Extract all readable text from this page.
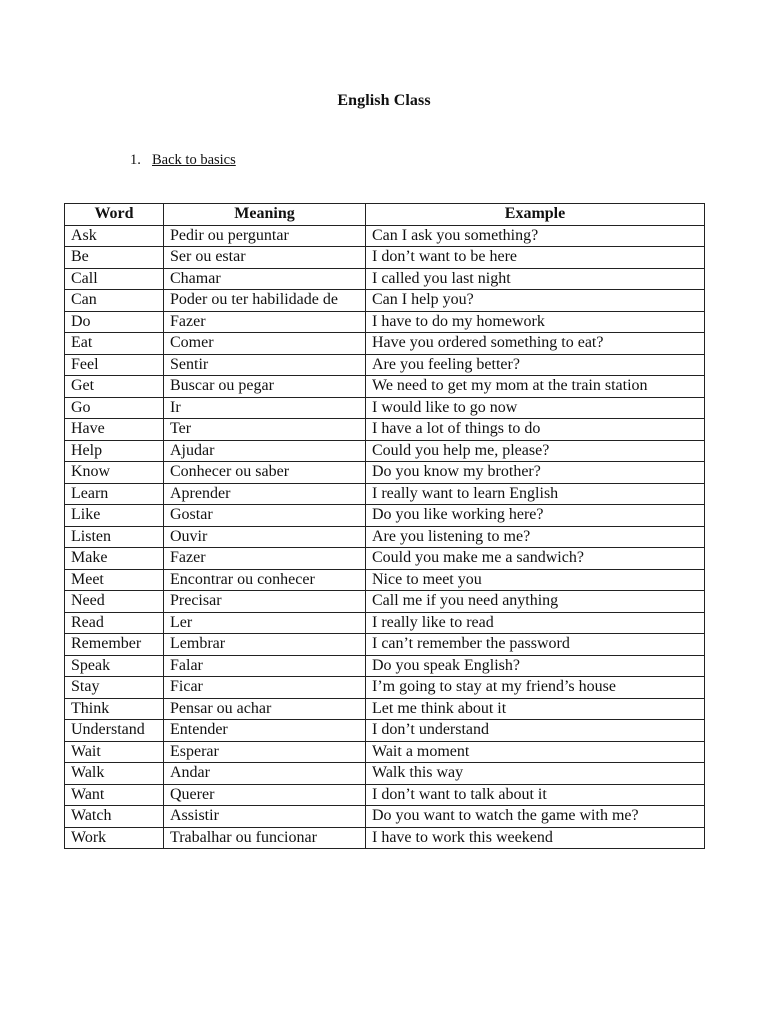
English Class
1. Back to basics
Word	Meaning	Example
Ask	Pedir ou perguntar	Can I ask you something?
Be	Ser ou estar	I don’t want to be here
Call	Chamar	I called you last night
Can	Poder ou ter habilidade de	Can I help you?
Do	Fazer	I have to do my homework
Eat	Comer	Have you ordered something to eat?
Feel	Sentir	Are you feeling better?
Get	Buscar ou pegar	We need to get my mom at the train station
Go	Ir	I would like to go now
Have	Ter	I have a lot of things to do
Help	Ajudar	Could you help me, please?
Know	Conhecer ou saber	Do you know my brother?
Learn	Aprender	I really want to learn English
Like	Gostar	Do you like working here?
Listen	Ouvir	Are you listening to me?
Make	Fazer	Could you make me a sandwich?
Meet	Encontrar ou conhecer	Nice to meet you
Need	Precisar	Call me if you need anything
Read	Ler	I really like to read
Remember	Lembrar	I can’t remember the password
Speak	Falar	Do you speak English?
Stay	Ficar	I’m going to stay at my friend’s house
Think	Pensar ou achar	Let me think about it
Understand	Entender	I don’t understand
Wait	Esperar	Wait a moment
Walk	Andar	Walk this way
Want	Querer	I don’t want to talk about it
Watch	Assistir	Do you want to watch the game with me?
Work	Trabalhar ou funcionar	I have to work this weekend
